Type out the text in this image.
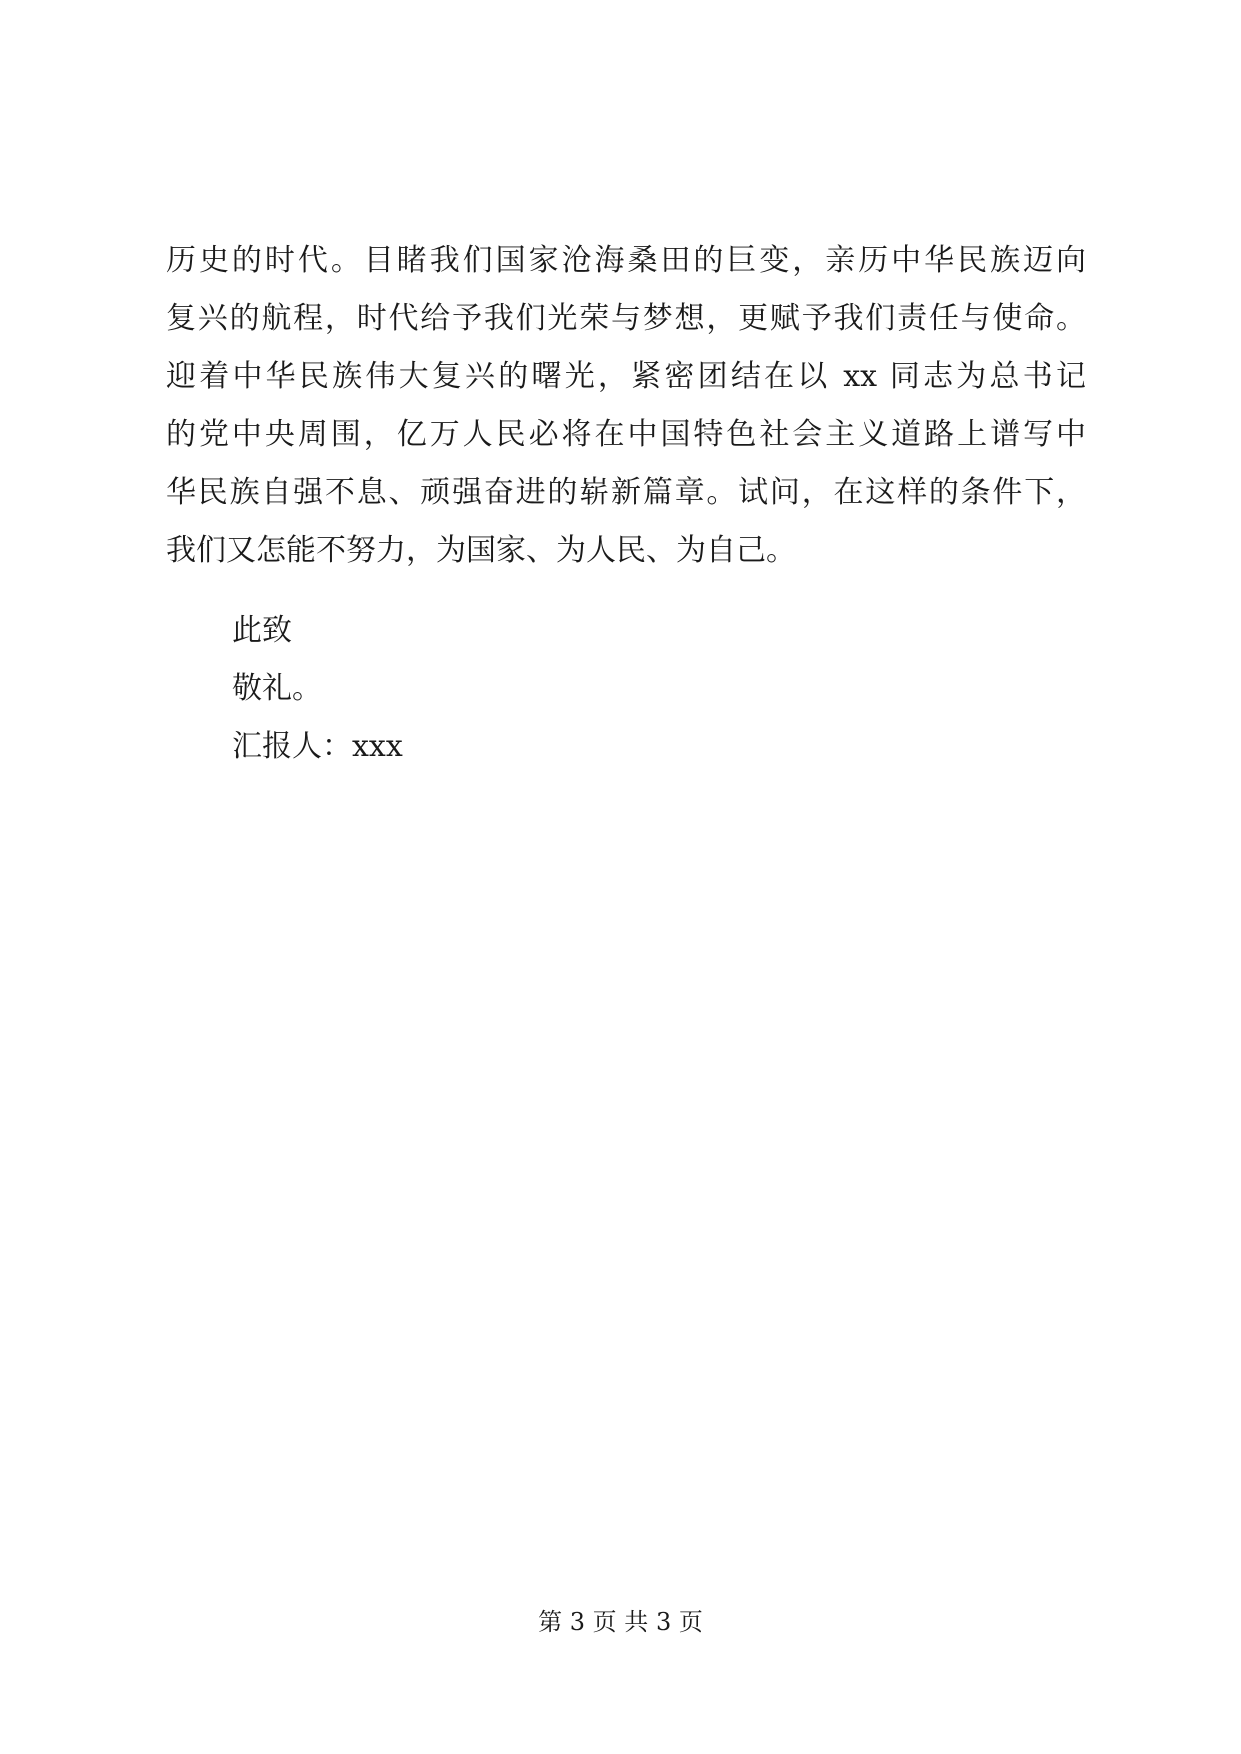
历史的时代。目睹我们国家沧海桑田的巨变，亲历中华民族迈向
复兴的航程，时代给予我们光荣与梦想，更赋予我们责任与使命。
迎着中华民族伟大复兴的曙光，紧密团结在以 xx 同志为总书记
的党中央周围，亿万人民必将在中国特色社会主义道路上谱写中
华民族自强不息、顽强奋进的崭新篇章。试问，在这样的条件下，
我们又怎能不努力，为国家、为人民、为自己。
此致
敬礼。
汇报人：xxx
第 3 页 共 3 页
